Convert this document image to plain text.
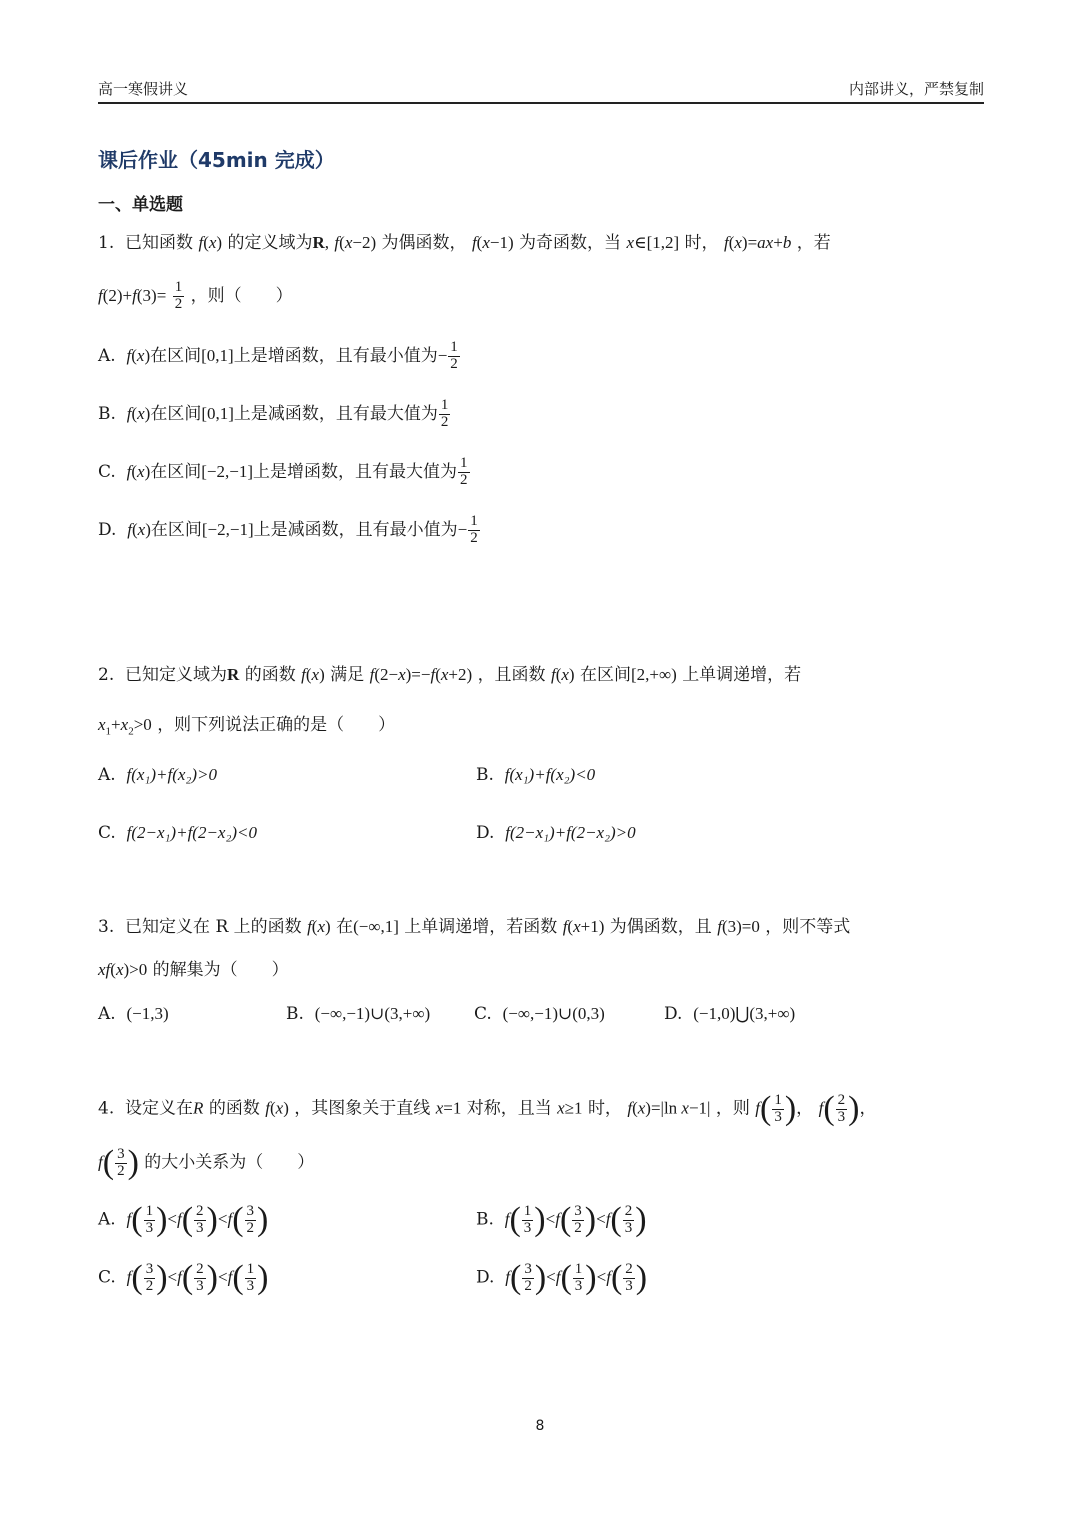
高一寒假讲义	内部讲义，严禁复制
课后作业（45min 完成）
一、单选题
1. 已知函数 f(x) 的定义域为R, f(x−2) 为偶函数， f(x−1) 为奇函数，当 x∈[1,2] 时， f(x)=ax+b ，若
$f(2)+f(3)= \frac{1}{2}$ ，则（　　）
A. f(x)在区间[0,1]上是增函数，且有最小值为− $\frac{1}{2}$
B. f(x)在区间[0,1]上是减函数，且有最大值为 $\frac{1}{2}$
C. f(x)在区间[−2,−1]上是增函数，且有最大值为 $\frac{1}{2}$
D. f(x)在区间[−2,−1]上是减函数，且有最小值为− $\frac{1}{2}$
2. 已知定义域为R 的函数 f(x) 满足 f(2−x)=−f(x+2) ，且函数 f(x) 在区间[2,+∞) 上单调递增，若
$x_1+x_2>0$ ，则下列说法正确的是（　　）
A. f(x₁)+f(x₂)>0	B. f(x₁)+f(x₂)<0
C. f(2−x₁)+f(2−x₂)<0	D. f(2−x₁)+f(2−x₂)>0
3. 已知定义在 R 上的函数 f(x) 在(−∞,1] 上单调递增，若函数 f(x+1) 为偶函数，且 f(3)=0 ，则不等式
xf(x)>0 的解集为（　　）
A. (−1,3)	B. (−∞,−1)∪(3,+∞)	C. (−∞,−1)∪(0,3)	D. (−1,0)⋃(3,+∞)
4. 设定义在R 的函数 f(x) ，其图象关于直线 x=1 对称，且当 x≥1 时， f(x)=|ln x−1| ，则 $f( \frac{1}{3}$ )， $f( \frac{2}{3}$ )，
$f( \frac{3}{2}$ ) 的大小关系为（　　）
A. $f( \frac{1}{3} )<f( \frac{2}{3} )<f( \frac{3}{2}$ )	B. $f( \frac{1}{3} )<f( \frac{3}{2} )<f( \frac{2}{3}$ )
C. $f( \frac{3}{2} )<f( \frac{2}{3} )<f( \frac{1}{3}$ )	D. $f( \frac{3}{2} )<f( \frac{1}{3} )<f( \frac{2}{3}$ )
8
